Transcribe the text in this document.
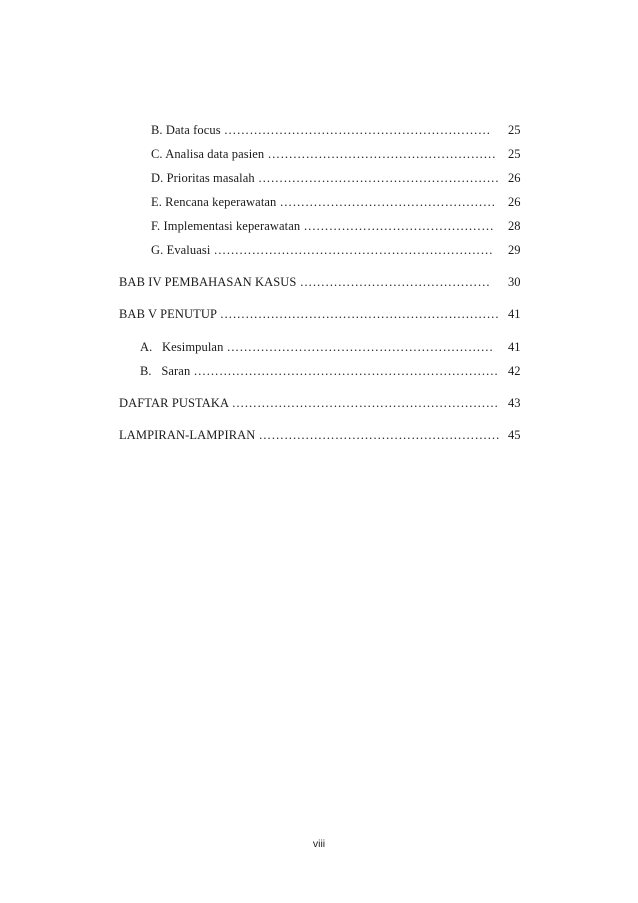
B. Data focus ……………………………………………………… 25
C. Analisa data pasien ……………………………………………… 25
D. Prioritas masalah ………………………………………………… 26
E. Rencana keperawatan …………………………………………… 26
F. Implementasi keperawatan ……………………………………… 28
G. Evaluasi ………………………………………………………… 29
BAB IV PEMBAHASAN KASUS ……………………………………… 30
BAB V PENUTUP ………………………………………………………… 41
A.   Kesimpulan ……………………………………………………… 41
B.   Saran ……………………………………………………………… 42
DAFTAR PUSTAKA ……………………………………………………… 43
LAMPIRAN-LAMPIRAN ………………………………………………… 45
viii
